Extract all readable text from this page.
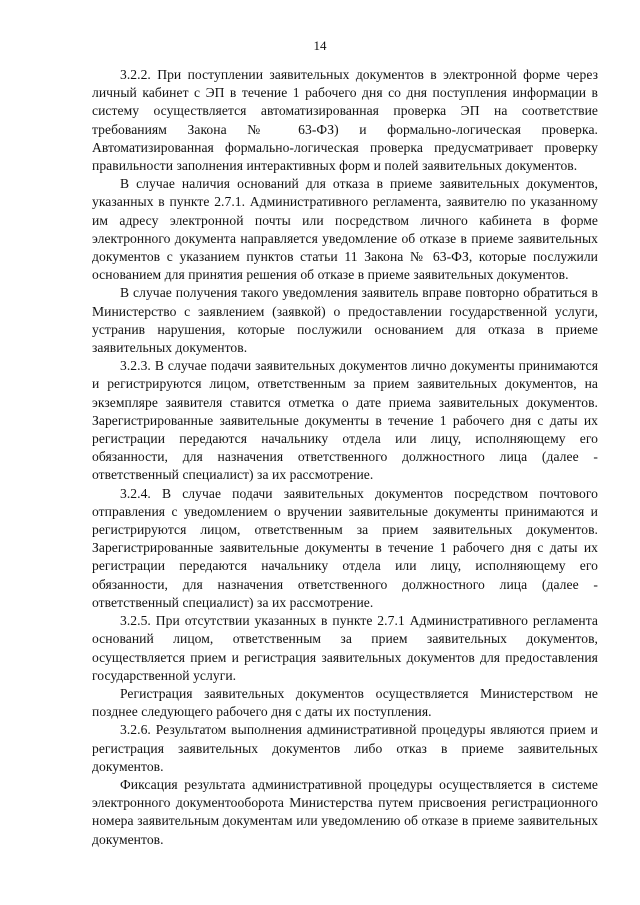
14

3.2.2. При поступлении заявительных документов в электронной форме через личный кабинет с ЭП в течение 1 рабочего дня со дня поступления информации в систему осуществляется автоматизированная проверка ЭП на соответствие требованиям Закона № 63-ФЗ) и формально-логическая проверка. Автоматизированная формально-логическая проверка предусматривает проверку правильности заполнения интерактивных форм и полей заявительных документов.

В случае наличия оснований для отказа в приеме заявительных документов, указанных в пункте 2.7.1. Административного регламента, заявителю по указанному им адресу электронной почты или посредством личного кабинета в форме электронного документа направляется уведомление об отказе в приеме заявительных документов с указанием пунктов статьи 11 Закона № 63-ФЗ, которые послужили основанием для принятия решения об отказе в приеме заявительных документов.

В случае получения такого уведомления заявитель вправе повторно обратиться в Министерство с заявлением (заявкой) о предоставлении государственной услуги, устранив нарушения, которые послужили основанием для отказа в приеме заявительных документов.

3.2.3. В случае подачи заявительных документов лично документы принимаются и регистрируются лицом, ответственным за прием заявительных документов, на экземпляре заявителя ставится отметка о дате приема заявительных документов. Зарегистрированные заявительные документы в течение 1 рабочего дня с даты их регистрации передаются начальнику отдела или лицу, исполняющему его обязанности, для назначения ответственного должностного лица (далее - ответственный специалист) за их рассмотрение.

3.2.4. В случае подачи заявительных документов посредством почтового отправления с уведомлением о вручении заявительные документы принимаются и регистрируются лицом, ответственным за прием заявительных документов. Зарегистрированные заявительные документы в течение 1 рабочего дня с даты их регистрации передаются начальнику отдела или лицу, исполняющему его обязанности, для назначения ответственного должностного лица (далее - ответственный специалист) за их рассмотрение.

3.2.5. При отсутствии указанных в пункте 2.7.1 Административного регламента оснований лицом, ответственным за прием заявительных документов, осуществляется прием и регистрация заявительных документов для предоставления государственной услуги.

Регистрация заявительных документов осуществляется Министерством не позднее следующего рабочего дня с даты их поступления.

3.2.6. Результатом выполнения административной процедуры являются прием и регистрация заявительных документов либо отказ в приеме заявительных документов.

Фиксация результата административной процедуры осуществляется в системе электронного документооборота Министерства путем присвоения регистрационного номера заявительным документам или уведомлению об отказе в приеме заявительных документов.
